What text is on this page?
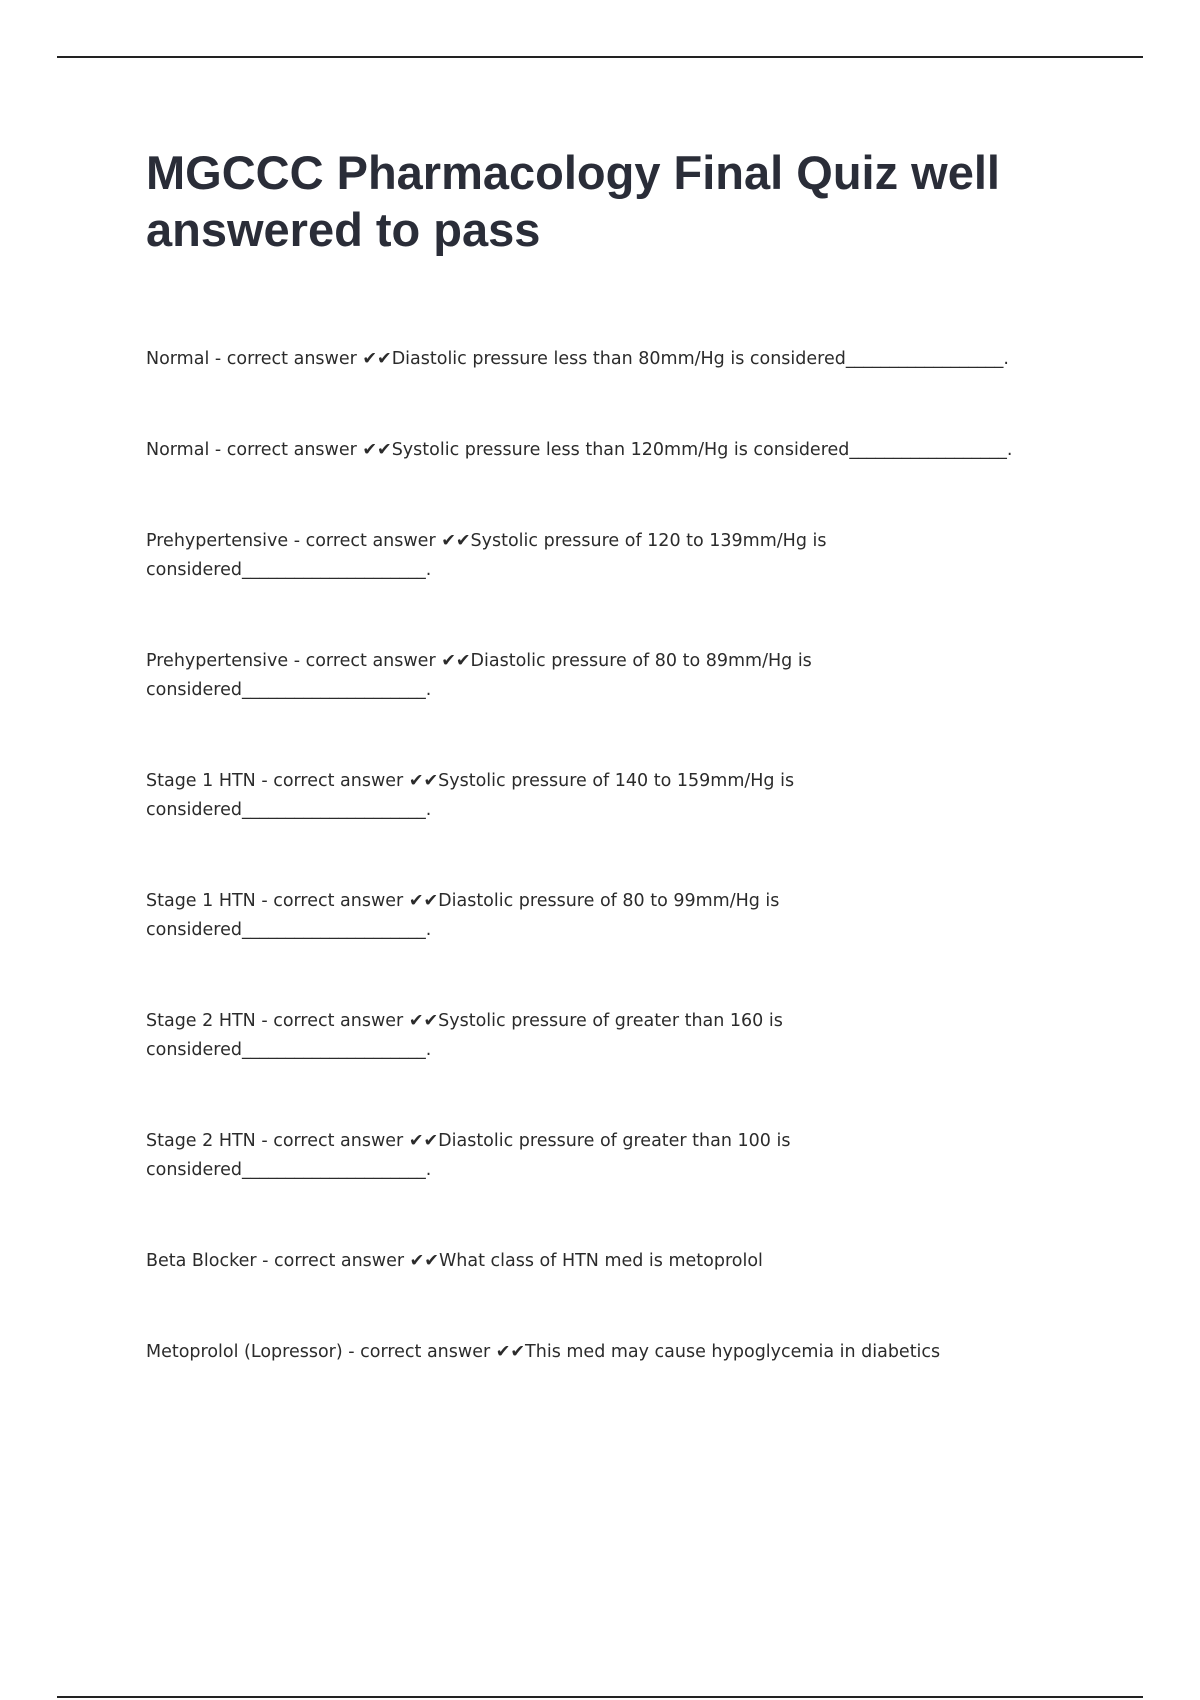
MGCCC Pharmacology Final Quiz well answered to pass
Normal - correct answer ✔✔Diastolic pressure less than 80mm/Hg is considered__________________.
Normal - correct answer ✔✔Systolic pressure less than 120mm/Hg is considered__________________.
Prehypertensive - correct answer ✔✔Systolic pressure of 120 to 139mm/Hg is considered_____________________.
Prehypertensive - correct answer ✔✔Diastolic pressure of 80 to 89mm/Hg is considered_____________________.
Stage 1 HTN - correct answer ✔✔Systolic pressure of 140 to 159mm/Hg is considered_____________________.
Stage 1 HTN - correct answer ✔✔Diastolic pressure of 80 to 99mm/Hg is considered_____________________.
Stage 2 HTN - correct answer ✔✔Systolic pressure of greater than 160 is considered_____________________.
Stage 2 HTN - correct answer ✔✔Diastolic pressure of greater than 100 is considered_____________________.
Beta Blocker - correct answer ✔✔What class of HTN med is metoprolol
Metoprolol (Lopressor) - correct answer ✔✔This med may cause hypoglycemia in diabetics
